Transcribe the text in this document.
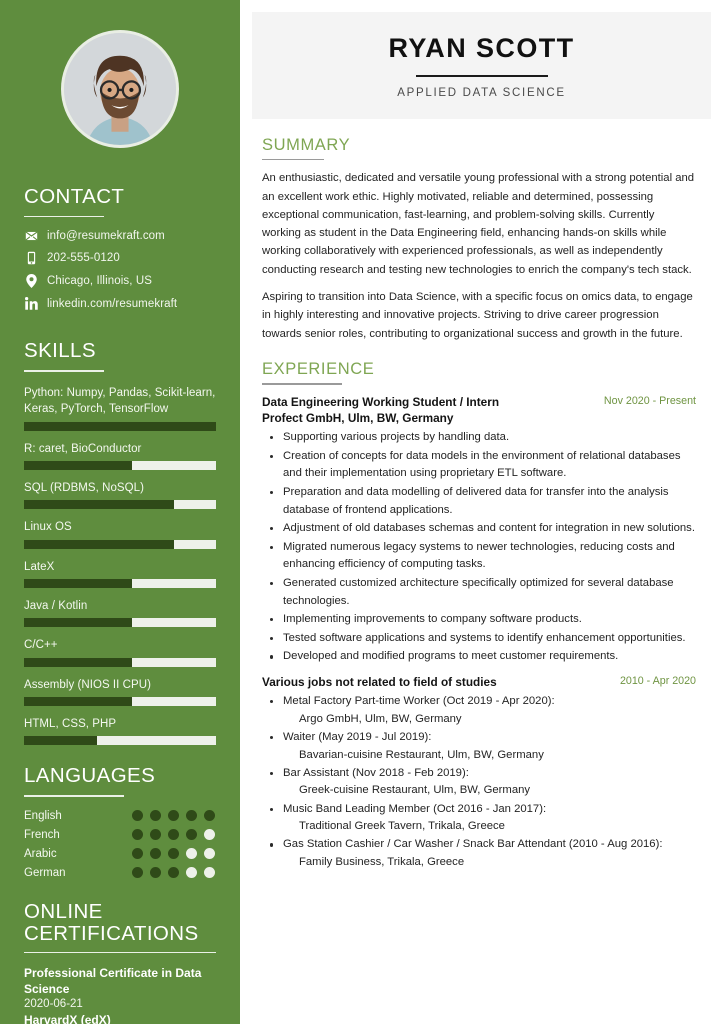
CONTACT
info@resumekraft.com
202-555-0120
Chicago, Illinois, US
linkedin.com/resumekraft
SKILLS
Python: Numpy, Pandas, Scikit-learn, Keras, PyTorch, TensorFlow
R: caret, BioConductor
SQL (RDBMS, NoSQL)
Linux OS
LateX
Java / Kotlin
C/C++
Assembly (NIOS II CPU)
HTML, CSS, PHP
LANGUAGES
English
French
Arabic
German
ONLINE
CERTIFICATIONS
Professional Certificate in Data Science
2020-06-21
HarvardX (edX)
RYAN SCOTT
APPLIED DATA SCIENCE
SUMMARY

An enthusiastic, dedicated and versatile young professional with a strong potential and an excellent work ethic. Highly motivated, reliable and determined, possessing exceptional communication, fast-learning, and problem-solving skills. Currently working as student in the Data Engineering field, enhancing hands-on skills while working collaboratively with experienced professionals, as well as independently conducting research and testing new technologies to enrich the company's tech stack.

Aspiring to transition into Data Science, with a specific focus on omics data, to engage in highly interesting and innovative projects. Striving to drive career progression towards senior roles, contributing to organizational success and growth in the future.

EXPERIENCE
Data Engineering Working Student / Intern
Profect GmbH, Ulm, BW, Germany
Nov 2020 - Present
Supporting various projects by handling data.
Creation of concepts for data models in the environment of relational databases and their implementation using proprietary ETL software.
Preparation and data modelling of delivered data for transfer into the analysis database of frontend applications.
Adjustment of old databases schemas and content for integration in new solutions.
Migrated numerous legacy systems to newer technologies, reducing costs and enhancing efficiency of computing tasks.
Generated customized architecture specifically optimized for several database technologies.
Implementing improvements to company software products.
Tested software applications and systems to identify enhancement opportunities.
Developed and modified programs to meet customer requirements.
Various jobs not related to field of studies	2010 - Apr 2020
Metal Factory Part-time Worker (Oct 2019 - Apr 2020):
Argo GmbH, Ulm, BW, Germany
Waiter (May 2019 - Jul 2019):
Bavarian-cuisine Restaurant, Ulm, BW, Germany
Bar Assistant (Nov 2018 - Feb 2019):
Greek-cuisine Restaurant, Ulm, BW, Germany
Music Band Leading Member (Oct 2016 - Jan 2017):
Traditional Greek Tavern, Trikala, Greece
Gas Station Cashier / Car Washer / Snack Bar Attendant (2010 - Aug 2016):
Family Business, Trikala, Greece
